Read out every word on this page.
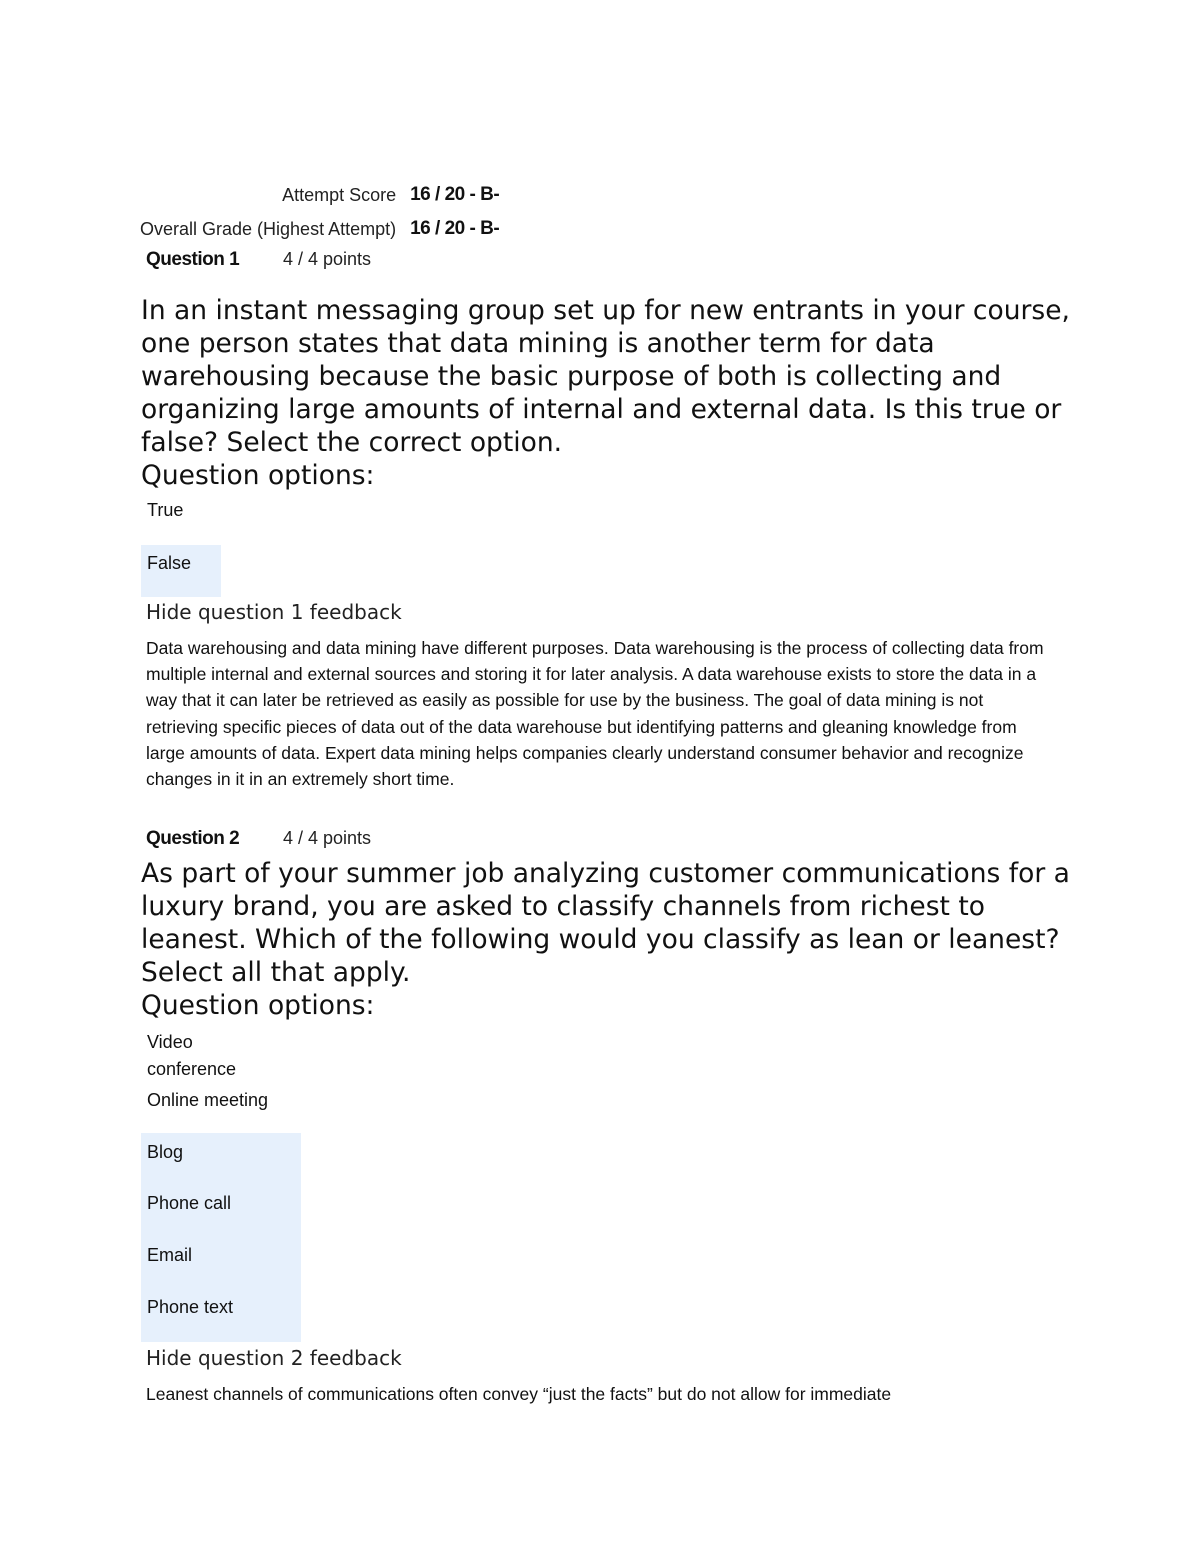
Attempt Score	16 / 20 - B-
Overall Grade (Highest Attempt)	16 / 20 - B-
Question 1 4 / 4 points
In an instant messaging group set up for new entrants in your course, one person states that data mining is another term for data warehousing because the basic purpose of both is collecting and organizing large amounts of internal and external data. Is this true or false? Select the correct option.
Question options:
True
False
Hide question 1 feedback
Data warehousing and data mining have different purposes. Data warehousing is the process of collecting data from multiple internal and external sources and storing it for later analysis. A data warehouse exists to store the data in a way that it can later be retrieved as easily as possible for use by the business. The goal of data mining is not retrieving specific pieces of data out of the data warehouse but identifying patterns and gleaning knowledge from large amounts of data. Expert data mining helps companies clearly understand consumer behavior and recognize changes in it in an extremely short time.
Question 2 4 / 4 points
As part of your summer job analyzing customer communications for a luxury brand, you are asked to classify channels from richest to leanest. Which of the following would you classify as lean or leanest? Select all that apply.
Question options:
Video conference
Online meeting
Blog
Phone call
Email
Phone text
Hide question 2 feedback
Leanest channels of communications often convey “just the facts” but do not allow for immediate
